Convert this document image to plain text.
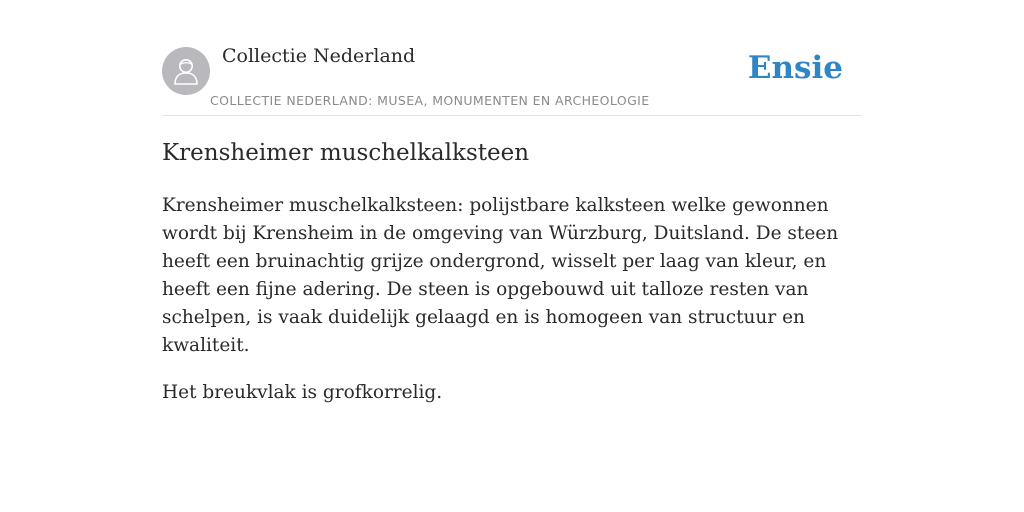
Collectie Nederland
COLLECTIE NEDERLAND: MUSEA, MONUMENTEN EN ARCHEOLOGIE
Ensie
Krensheimer muschelkalksteen

Krensheimer muschelkalksteen: polijstbare kalksteen welke gewonnen wordt bij Krensheim in de omgeving van Würzburg, Duitsland. De steen heeft een bruinachtig grijze ondergrond, wisselt per laag van kleur, en heeft een fijne adering. De steen is opgebouwd uit talloze resten van schelpen, is vaak duidelijk gelaagd en is homogeen van structuur en kwaliteit.

Het breukvlak is grofkorrelig.
